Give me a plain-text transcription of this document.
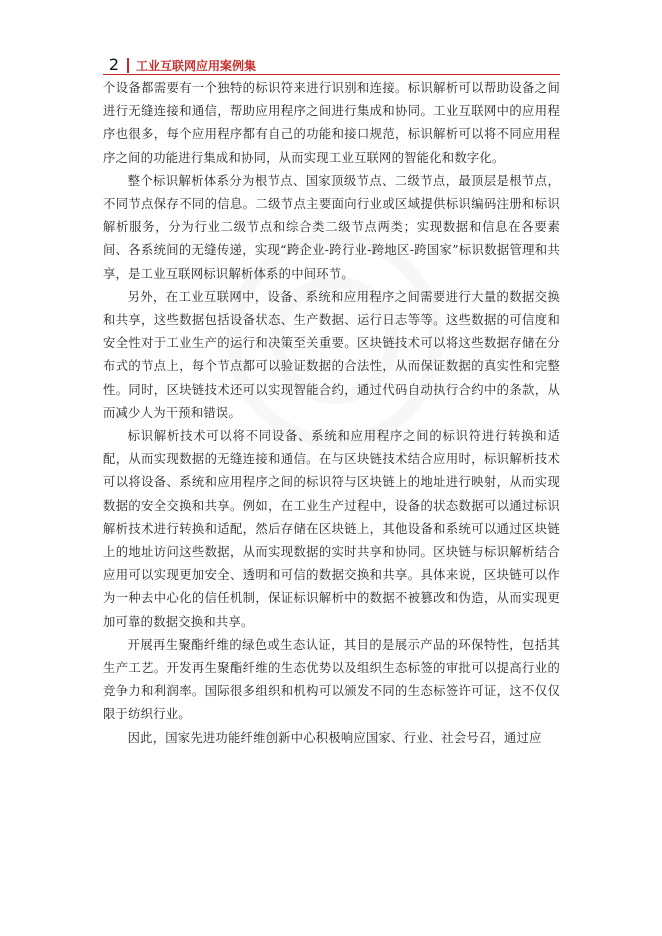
2 工业互联网应用案例集

个设备都需要有一个独特的标识符来进行识别和连接。标识解析可以帮助设备之间进行无缝连接和通信，帮助应用程序之间进行集成和协同。工业互联网中的应用程序也很多，每个应用程序都有自己的功能和接口规范，标识解析可以将不同应用程序之间的功能进行集成和协同，从而实现工业互联网的智能化和数字化。

整个标识解析体系分为根节点、国家顶级节点、二级节点，最顶层是根节点，不同节点保存不同的信息。二级节点主要面向行业或区域提供标识编码注册和标识解析服务，分为行业二级节点和综合类二级节点两类；实现数据和信息在各要素间、各系统间的无缝传递，实现“跨企业-跨行业-跨地区-跨国家”标识数据管理和共享，是工业互联网标识解析体系的中间环节。

另外，在工业互联网中，设备、系统和应用程序之间需要进行大量的数据交换和共享，这些数据包括设备状态、生产数据、运行日志等等。这些数据的可信度和安全性对于工业生产的运行和决策至关重要。区块链技术可以将这些数据存储在分布式的节点上，每个节点都可以验证数据的合法性，从而保证数据的真实性和完整性。同时，区块链技术还可以实现智能合约，通过代码自动执行合约中的条款，从而减少人为干预和错误。

标识解析技术可以将不同设备、系统和应用程序之间的标识符进行转换和适配，从而实现数据的无缝连接和通信。在与区块链技术结合应用时，标识解析技术可以将设备、系统和应用程序之间的标识符与区块链上的地址进行映射，从而实现数据的安全交换和共享。例如，在工业生产过程中，设备的状态数据可以通过标识解析技术进行转换和适配，然后存储在区块链上，其他设备和系统可以通过区块链上的地址访问这些数据，从而实现数据的实时共享和协同。区块链与标识解析结合应用可以实现更加安全、透明和可信的数据交换和共享。具体来说，区块链可以作为一种去中心化的信任机制，保证标识解析中的数据不被篡改和伪造，从而实现更加可靠的数据交换和共享。

开展再生聚酯纤维的绿色或生态认证，其目的是展示产品的环保特性，包括其生产工艺。开发再生聚酯纤维的生态优势以及组织生态标签的审批可以提高行业的竞争力和利润率。国际很多组织和机构可以颁发不同的生态标签许可证，这不仅仅限于纺织行业。

因此，国家先进功能纤维创新中心积极响应国家、行业、社会号召，通过应
